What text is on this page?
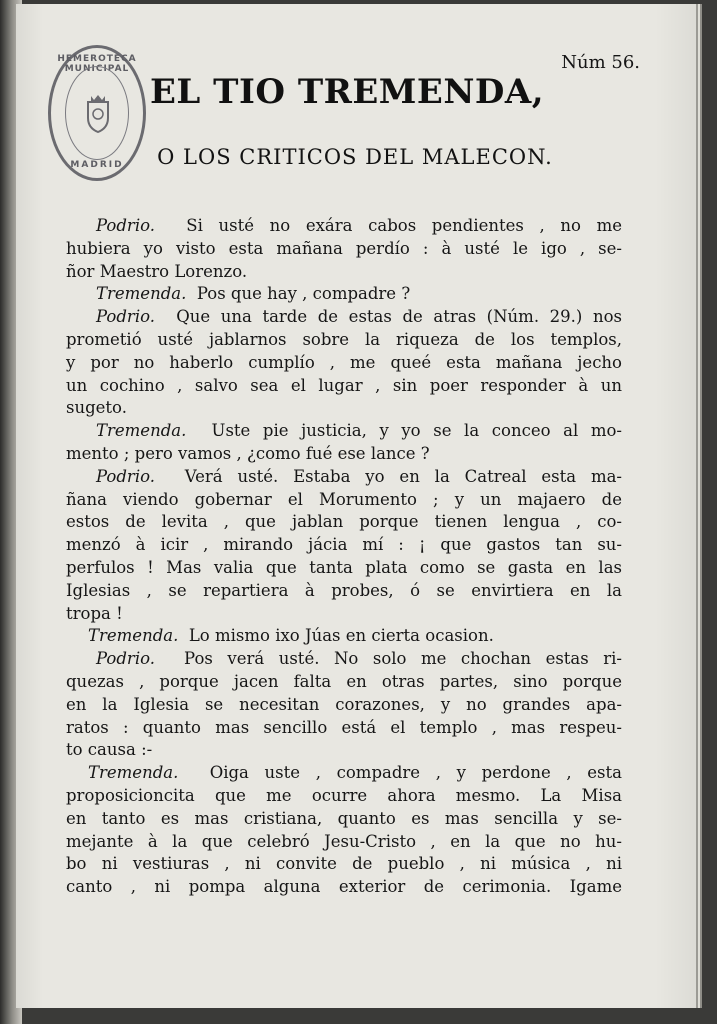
HEMEROTECA MUNICIPAL
MADRID
Núm 56.
EL TIO TREMENDA,
O LOS CRITICOS DEL MALECON.
Podrio. Si usté no exára cabos pendientes , no me
hubiera yo visto esta mañana perdío : à usté le igo , se-
ñor Maestro Lorenzo.
Tremenda. Pos que hay , compadre ?
Podrio. Que una tarde de estas de atras (Núm. 29.) nos
prometió usté jablarnos sobre la riqueza de los templos,
y por no haberlo cumplío , me queé esta mañana jecho
un cochino , salvo sea el lugar , sin poer responder à un
sugeto.
Tremenda. Uste pie justicia, y yo se la conceo al mo-
mento ; pero vamos , ¿como fué ese lance ?
Podrio. Verá usté. Estaba yo en la Catreal esta ma-
ñana viendo gobernar el Morumento ; y un majaero de
estos de levita , que jablan porque tienen lengua , co-
menzó à icir , mirando jácia mí : ¡ que gastos tan su-
perfulos ! Mas valia que tanta plata como se gasta en las
Iglesias , se repartiera à probes, ó se envirtiera en la
tropa !
Tremenda. Lo mismo ixo Júas en cierta ocasion.
Podrio. Pos verá usté. No solo me chochan estas ri-
quezas , porque jacen falta en otras partes, sino porque
en la Iglesia se necesitan corazones, y no grandes apa-
ratos : quanto mas sencillo está el templo , mas respeu-
to causa :-
Tremenda. Oiga uste , compadre , y perdone , esta
proposicioncita que me ocurre ahora mesmo. La Misa
en tanto es mas cristiana, quanto es mas sencilla y se-
mejante à la que celebró Jesu-Cristo , en la que no hu-
bo ni vestiuras , ni convite de pueblo , ni música , ni
canto , ni pompa alguna exterior de cerimonia. Igame
